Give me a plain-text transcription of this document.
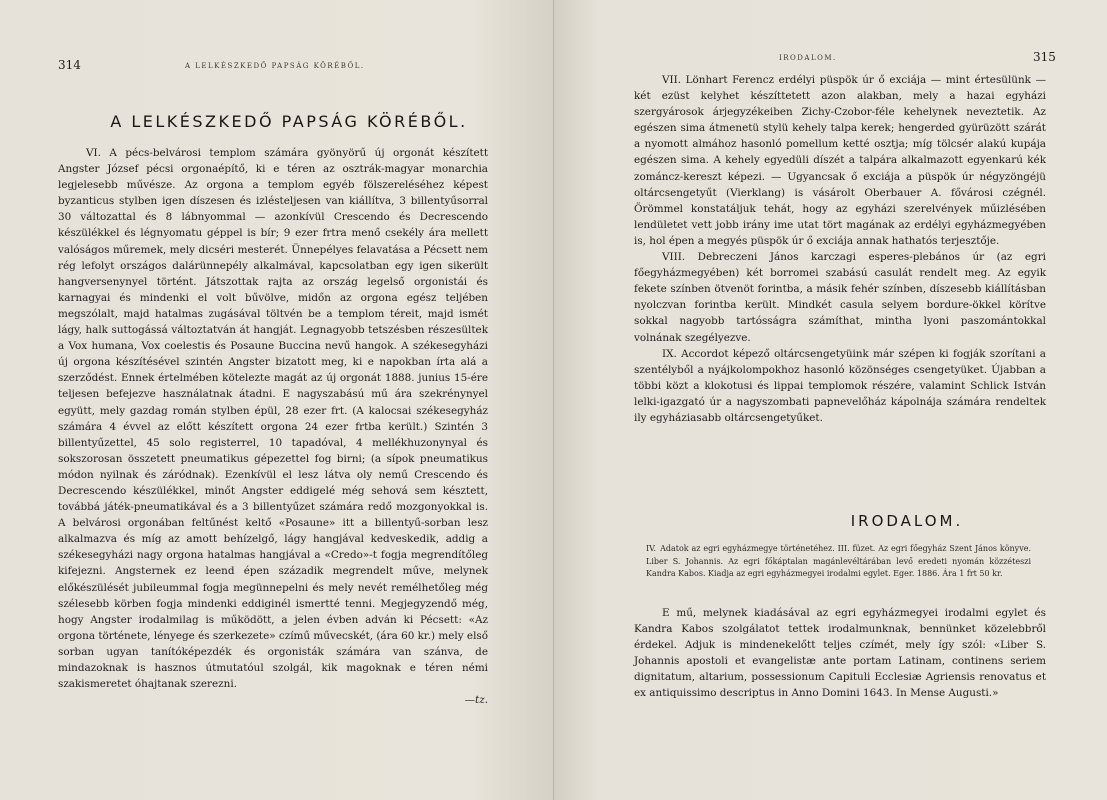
314	A LELKÉSZKEDŐ PAPSÁG KÖRÉBŐL.
A LELKÉSZKEDŐ PAPSÁG KÖRÉBŐL.

VI. A pécs-belvárosi templom számára gyönyörű új orgonát készített Angster József pécsi orgonaépítő, ki e téren az osztrák-magyar monarchia legjelesebb művésze. Az orgona a templom egyéb fölszereléséhez képest byzanticus stylben igen díszesen és izlésteljesen van kiállítva, 3 billentyűsorral 30 változattal és 8 lábnyommal — azonkívül Crescendo és Decrescendo készülékkel és légnyomatu géppel is bír; 9 ezer frtra menő csekély ára mellett valóságos műremek, mely dicséri mesterét. Ünnepélyes felavatása a Pécsett nem rég lefolyt országos dalárünnepély alkalmával, kapcsolatban egy igen sikerült hangversenynyel történt. Játszottak rajta az ország legelső orgonistái és karnagyai és mindenki el volt bűvölve, midőn az orgona egész teljében megszólalt, majd hatalmas zugásával töltvén be a templom téreit, majd ismét lágy, halk suttogássá változtatván át hangját. Legnagyobb tetszésben részesültek a Vox humana, Vox coelestis és Posaune Buccina nevű hangok. A székesegyházi új orgona készítésével szintén Angster bizatott meg, ki e napokban írta alá a szerződést. Ennek értelmében kötelezte magát az új orgonát 1888. junius 15-ére teljesen befejezve használatnak átadni. E nagyszabású mű ára szekrénynyel együtt, mely gazdag román stylben épül, 28 ezer frt. (A kalocsai székesegyház számára 4 évvel az előtt készített orgona 24 ezer frtba került.) Szintén 3 billentyűzettel, 45 solo registerrel, 10 tapadóval, 4 mellékhuzonynyal és sokszorosan összetett pneumatikus gépezettel fog birni; (a sípok pneumatikus módon nyilnak és záródnak). Ezenkívül el lesz látva oly nemű Crescendo és Decrescendo készülékkel, minőt Angster eddigelé még sehová sem késztett, továbbá játék-pneumatikával és a 3 billentyűzet számára redő mozgonyokkal is. A belvárosi orgonában feltűnést keltő «Posaune» itt a billentyű-sorban lesz alkalmazva és míg az amott behízelgő, lágy hangjával kedveskedik, addig a székesegyházi nagy orgona hatalmas hangjával a «Credo»-t fogja megrendítőleg kifejezni. Angsternek ez leend épen századik megrendelt műve, melynek előkészülését jubileummal fogja megünnepelni és mely nevét remélhetőleg még szélesebb körben fogja mindenki eddiginél ismertté tenni. Megjegyzendő még, hogy Angster irodalmilag is működött, a jelen évben adván ki Pécsett: «Az orgona története, lényege és szerkezete» czímű művecskét, (ára 60 kr.) mely első sorban ugyan tanítóképezdék és orgonisták számára van szánva, de mindazoknak is hasznos útmutatóul szolgál, kik magoknak e téren némi szakismeretet óhajtanak szerezni.

—tz.
IRODALOM.	315

VII. Lönhart Ferencz erdélyi püspök úr ő exciája — mint értesülünk — két ezüst kelyhet készíttetett azon alakban, mely a hazai egyházi szergyárosok árjegyzékeiben Zichy-Czobor-féle kehelynek neveztetik. Az egészen sima átmenetü stylü kehely talpa kerek; hengerded gyürüzött szárát a nyomott almához hasonló pomellum ketté osztja; míg tölcsér alakú kupája egészen sima. A kehely egyedüli díszét a talpára alkalmazott egyenkarú kék zománcz-kereszt képezi. — Ugyancsak ő exciája a püspök úr négyzöngéjü oltárcsengetyűt (Vierklang) is vásárolt Oberbauer A. fővárosi czégnél. Örömmel konstatáljuk tehát, hogy az egyházi szerelvények műizlésében lendületet vett jobb irány ime utat tört magának az erdélyi egyházmegyében is, hol épen a megyés püspök úr ő exciája annak hathatós terjesztője.

VIII. Debreczeni János karczagi esperes-plebános úr (az egri főegyházmegyében) két borromei szabású casulát rendelt meg. Az egyik fekete színben ötvenöt forintba, a másik fehér színben, díszesebb kiállításban nyolczvan forintba került. Mindkét casula selyem bordure-ökkel körítve sokkal nagyobb tartósságra számíthat, mintha lyoni paszomántokkal volnának szegélyezve.

IX. Accordot képező oltárcsengetyüink már szépen ki fogják szorítani a szentélyből a nyájkolompokhoz hasonló közönséges csengetyüket. Újabban a többi közt a klokotusi és lippai templomok részére, valamint Schlick István lelki-igazgató úr a nagyszombati papnevelőház kápolnája számára rendeltek ily egyháziasabb oltárcsengetyűket.

IRODALOM.
IV. Adatok az egri egyházmegye történetéhez. III. füzet. Az egri főegyház Szent János könyve. Liber S. Johannis. Az egri főkáptalan magánlevéltárában levő eredeti nyomán közzéteszi Kandra Kabos. Kiadja az egri egyházmegyei irodalmi egylet. Eger. 1886. Ára 1 frt 50 kr.

E mű, melynek kiadásával az egri egyházmegyei irodalmi egylet és Kandra Kabos szolgálatot tettek irodalmunknak, bennünket közelebbről érdekel. Adjuk is mindenekelőtt teljes czímét, mely így szól: «Liber S. Johannis apostoli et evangelistæ ante portam Latinam, continens seriem dignitatum, altarium, possessionum Capituli Ecclesiæ Agriensis renovatus et ex antiquissimo descriptus in Anno Domini 1643. In Mense Augusti.»
